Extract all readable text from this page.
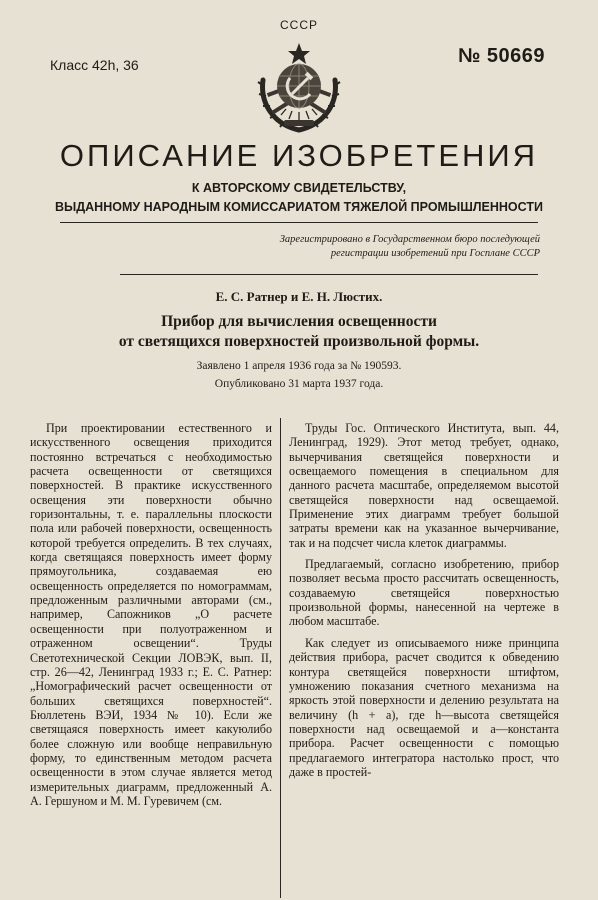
СССР
Класс 42h, 36	№ 50669
ОПИСАНИЕ ИЗОБРЕТЕНИЯ
К АВТОРСКОМУ СВИДЕТЕЛЬСТВУ,
ВЫДАННОМУ НАРОДНЫМ КОМИССАРИАТОМ ТЯЖЕЛОЙ ПРОМЫШЛЕННОСТИ
Зарегистрировано в Государственном бюро последующей регистрации изобретений при Госплане СССР
Е. С. Ратнер и Е. Н. Люстих.
Прибор для вычисления освещенности
от светящихся поверхностей произвольной формы.
Заявлено 1 апреля 1936 года за № 190593.
Опубликовано 31 марта 1937 года.

При проектировании естественного и искусственного освещения приходится постоянно встречаться с необходимостью расчета освещенности от светящихся поверхностей. В практике искусственного освещения эти поверхности обычно горизонтальны, т. е. параллельны плоскости пола или рабочей поверхности, освещенность которой требуется определить. В тех случаях, когда светящаяся поверхность имеет форму прямоугольника, создаваемая ею освещенность определяется по номограммам, предложенным различными авторами (см., например, Сапожников „О расчете освещенности при полуотраженном и отраженном освещении“. Труды Светотехнической Секции ЛОВЭК, вып. II, стр. 26—42, Ленинград 1933 г.; Е. С. Ратнер: „Номографический расчет освещенности от больших светящихся поверхностей“. Бюллетень ВЭИ, 1934 № 10). Если же светящаяся поверхность имеет какуюлибо более сложную или вообще неправильную форму, то единственным методом расчета освещенности в этом случае является метод измерительных диаграмм, предложенный А. А. Гершуном и М. М. Гуревичем (см.

Труды Гос. Оптического Института, вып. 44, Ленинград, 1929). Этот метод требует, однако, вычерчивания светящейся поверхности и освещаемого помещения в специальном для данного расчета масштабе, определяемом высотой светящейся поверхности над освещаемой. Применение этих диаграмм требует большой затраты времени как на указанное вычерчивание, так и на подсчет числа клеток диаграммы.

Предлагаемый, согласно изобретению, прибор позволяет весьма просто рассчитать освещенность, создаваемую светящейся поверхностью произвольной формы, нанесенной на чертеже в любом масштабе.

Как следует из описываемого ниже принципа действия прибора, расчет сводится к обведению контура светящейся поверхности штифтом, умножению показания счетного механизма на яркость этой поверхности и делению результата на величину (h + a), где h—высота светящейся поверхности над освещаемой и a—константа прибора. Расчет освещенности с помощью предлагаемого интегратора настолько прост, что даже в простей-
